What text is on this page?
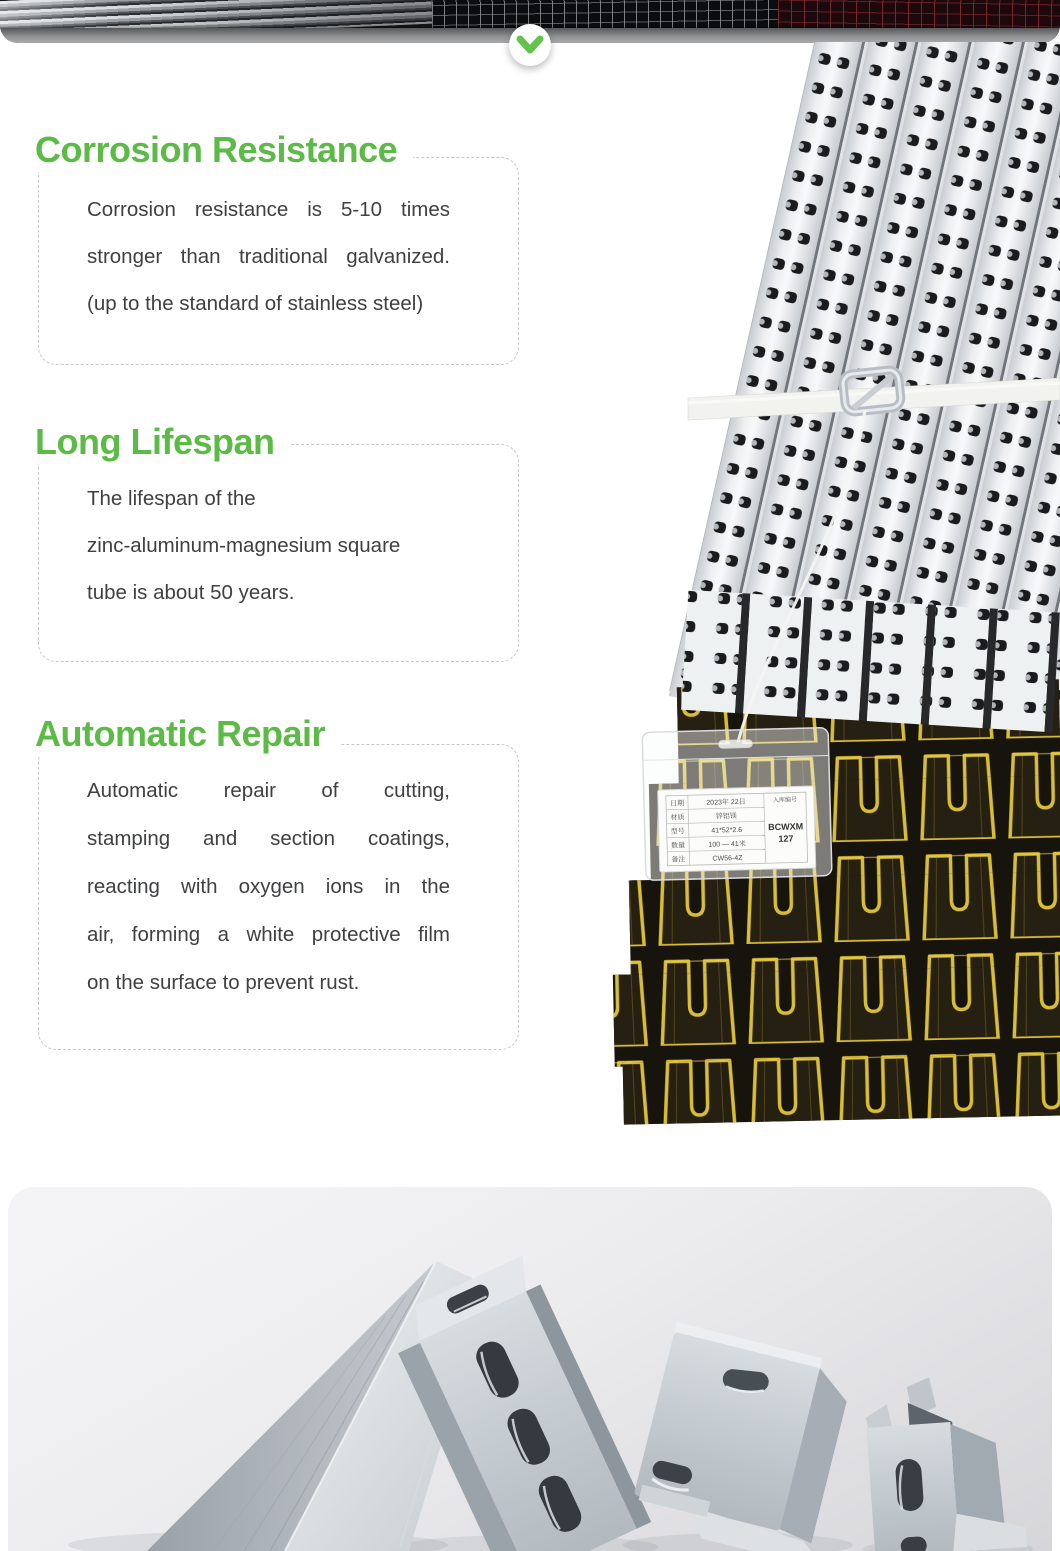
Corrosion Resistance

Corrosion resistance is 5-10 times

stronger than traditional galvanized.

(up to the standard of stainless steel)

Long Lifespan

The lifespan of the

zinc-aluminum-magnesium square

tube is about 50 years.

Automatic Repair

Automatic repair of cutting,

stamping and section coatings,

reacting with oxygen ions in the

air, forming a white protective film

on the surface to prevent rust.

日期
材质
型号
数量
备注
2023年 22日
锌铝镁
41*52*2.6
100 — 41米
CW56-4Z
入库编号
BCWXM
127
